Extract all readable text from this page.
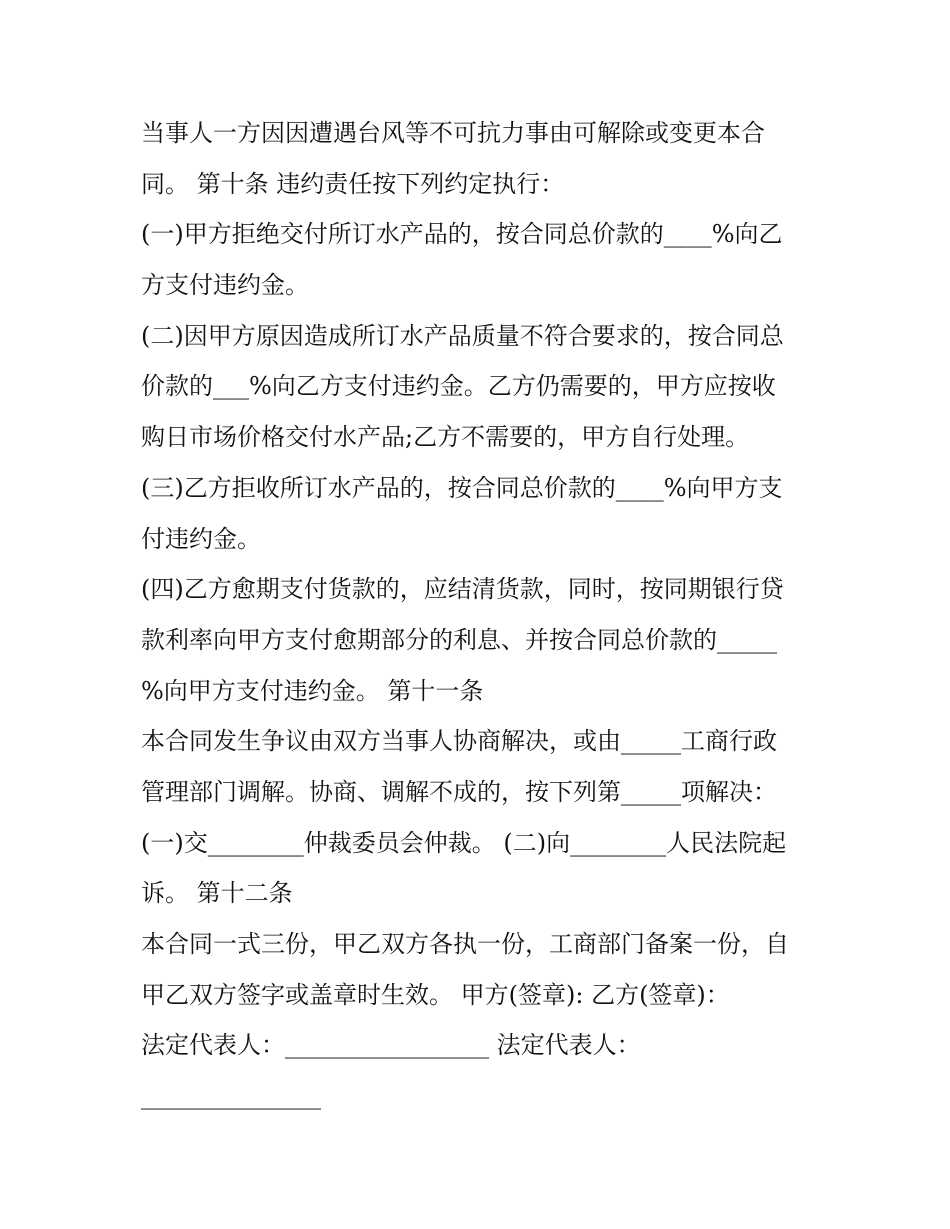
当事人一方因因遭遇台风等不可抗力事由可解除或变更本合
同。 第十条 违约责任按下列约定执行：
(一)甲方拒绝交付所订水产品的，按合同总价款的____%向乙
方支付违约金。
(二)因甲方原因造成所订水产品质量不符合要求的，按合同总
价款的___%向乙方支付违约金。乙方仍需要的，甲方应按收
购日市场价格交付水产品;乙方不需要的，甲方自行处理。
(三)乙方拒收所订水产品的，按合同总价款的____%向甲方支
付违约金。
(四)乙方愈期支付货款的，应结清货款，同时，按同期银行贷
款利率向甲方支付愈期部分的利息、并按合同总价款的_____
%向甲方支付违约金。 第十一条
本合同发生争议由双方当事人协商解决，或由_____工商行政
管理部门调解。协商、调解不成的，按下列第_____项解决：
(一)交________仲裁委员会仲裁。 (二)向________人民法院起
诉。 第十二条
本合同一式三份，甲乙双方各执一份，工商部门备案一份，自
甲乙双方签字或盖章时生效。 甲方(签章): 乙方(签章)：
法定代表人：_________________ 法定代表人：
_______________
